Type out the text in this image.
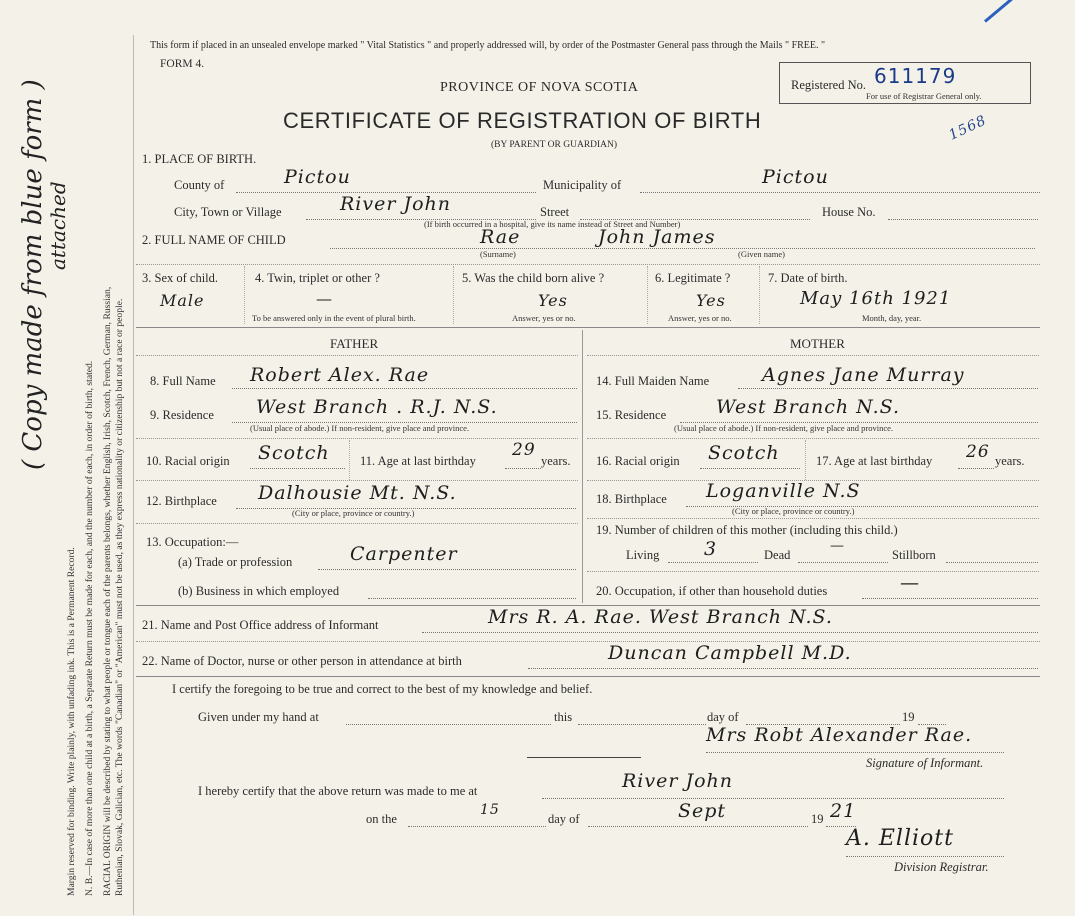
Margin reserved for binding. Write plainly, with unfading ink. This is a Permanent Record. N. B.—In case of more than one child at a birth, a Separate Return must be made for each, and the number of each, in order of birth, stated. RACIAL ORIGIN will be described by stating to what people or tongue each of the parents belongs, whether English, Irish, Scotch, French, German, Russian, Ruthenian, Slovak, Galician, etc. The words "Canadian" or "American" must not be used, as they express nationality or citizenship but not a race or people.
( Copy made from blue form )
attached
This form if placed in an unsealed envelope marked " Vital Statistics " and properly addressed will, by order of the Postmaster General pass through the Mails " FREE. "
FORM 4.
PROVINCE OF NOVA SCOTIA
CERTIFICATE OF REGISTRATION OF BIRTH
(BY PARENT OR GUARDIAN)
Registered No. 611179
For use of Registrar General only.
1568
1. PLACE OF BIRTH.
County of	Pictou	Municipality of	Pictou
City, Town or Village	River John	Street	House No.
(If birth occurred in a hospital, give its name instead of Street and Number)
2. FULL NAME OF CHILD	Rae	John James
(Surname)	(Given name)
3. Sex of child.
Male
4. Twin, triplet or other ?
—
To be answered only in the event of plural birth.
5. Was the child born alive ?
Yes
Answer, yes or no.
6. Legitimate ?
Yes
Answer, yes or no.
7. Date of birth.
May 16th 1921
Month, day, year.
FATHER	MOTHER
8. Full Name Robert Alex. Rae
9. Residence West Branch . R.J. N.S.
(Usual place of abode.) If non-resident, give place and province.
10. Racial origin Scotch 11. Age at last birthday
29
years.
12. Birthplace Dalhousie Mt. N.S.
(City or place, province or country.)
13. Occupation:—
(a) Trade or profession	Carpenter
(b) Business in which employed
14. Full Maiden Name	Agnes Jane Murray
15. Residence	West Branch N.S.
(Usual place of abode.) If non-resident, give place and province.
16. Racial origin Scotch	17. Age at last birthday 26 years.
18. Birthplace Loganville N.S
(City or place, province or country.)
19. Number of children of this mother (including this child.)
Living 3	Dead
—
Stillborn
20. Occupation, if other than household duties	—
21. Name and Post Office address of Informant	Mrs R. A. Rae. West Branch N.S.
22. Name of Doctor, nurse or other person in attendance at birth	Duncan Campbell M.D.
I certify the foregoing to be true and correct to the best of my knowledge and belief.
Given under my hand at	this	day of	19
Mrs Robt Alexander Rae.
Signature of Informant.
I hereby certify that the above return was made to me at	River John
on the
15
day of	Sept	19 21
A. Elliott
Division Registrar.
